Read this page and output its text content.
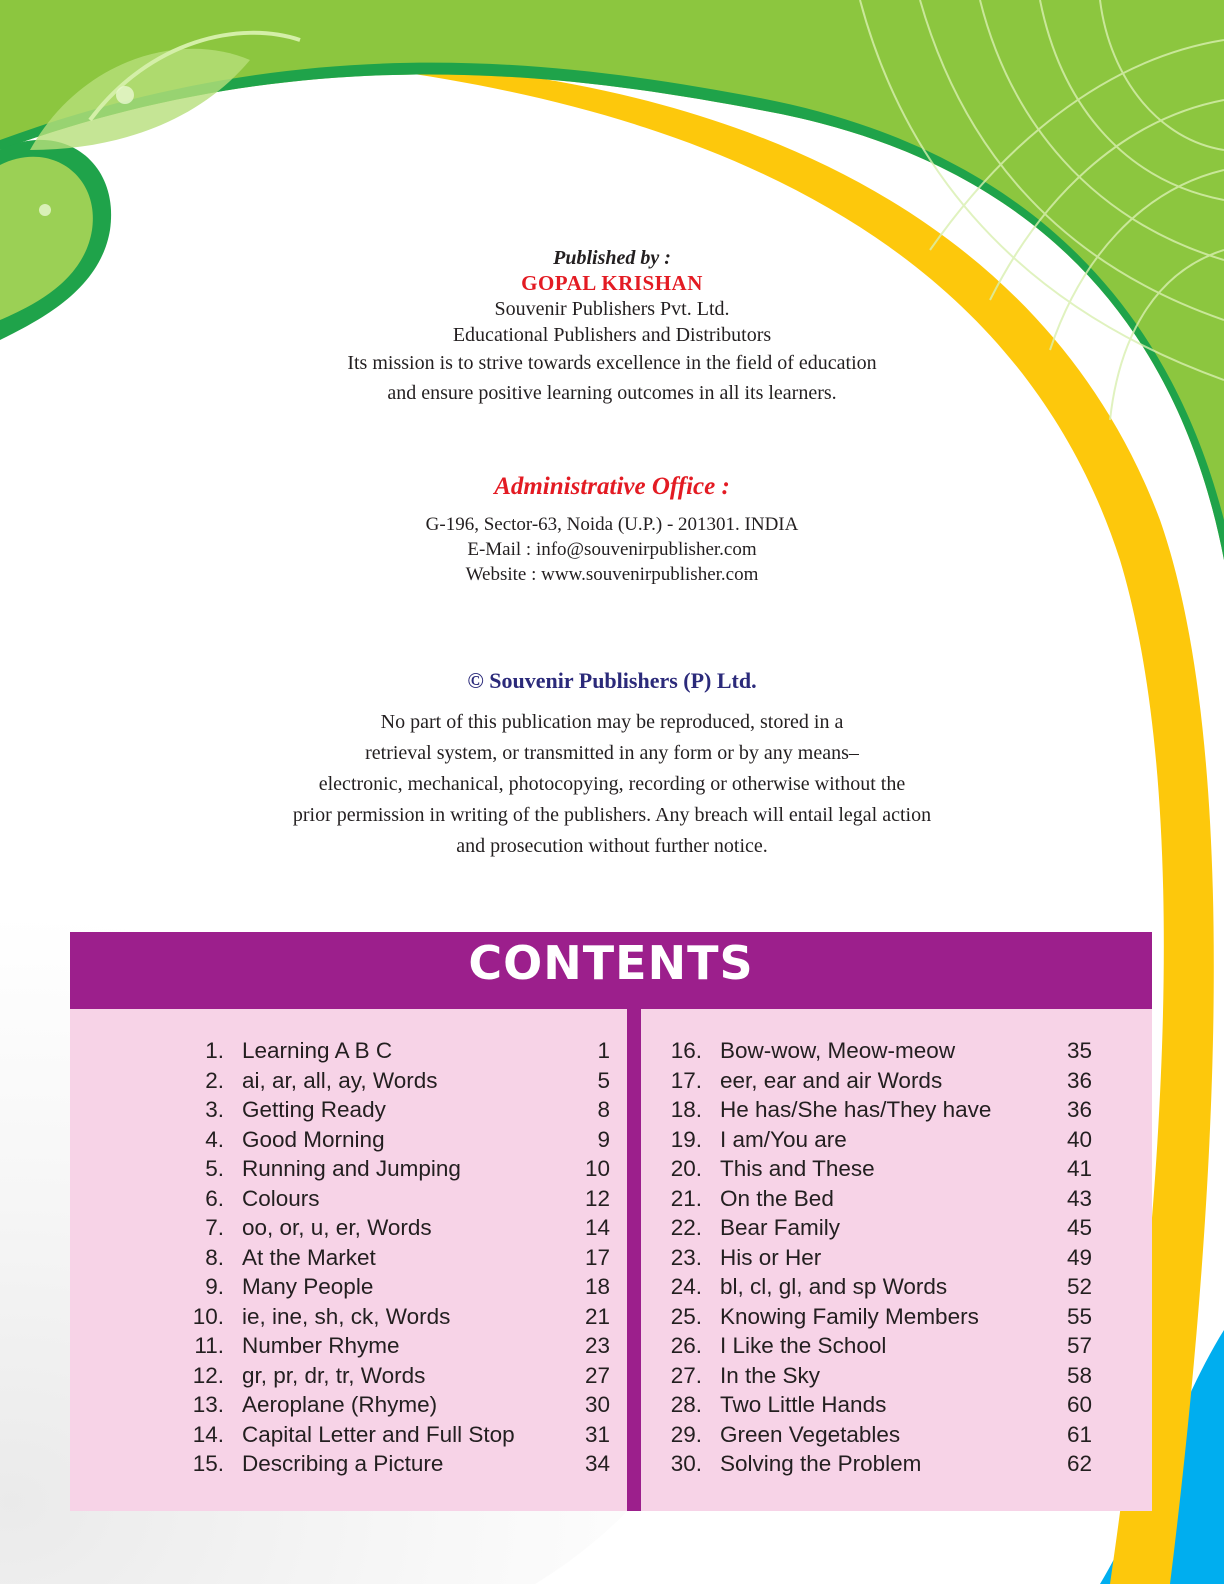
Published by :
GOPAL KRISHAN
Souvenir Publishers Pvt. Ltd.
Educational Publishers and Distributors
Its mission is to strive towards excellence in the field of education
and ensure positive learning outcomes in all its learners.
Administrative Office :
G-196, Sector-63, Noida (U.P.) - 201301. INDIA
E-Mail : info@souvenirpublisher.com
Website : www.souvenirpublisher.com
© Souvenir Publishers (P) Ltd.
No part of this publication may be reproduced, stored in a
retrieval system, or transmitted in any form or by any means–
electronic, mechanical, photocopying, recording or otherwise without the
prior permission in writing of the publishers. Any breach will entail legal action
and prosecution without further notice.
CONTENTS
1. Learning A B C	1
2. ai, ar, all, ay, Words	5
3. Getting Ready	8
4. Good Morning	9
5. Running and Jumping	10
6. Colours	12
7. oo, or, u, er, Words	14
8. At the Market	17
9. Many People	18
10. ie, ine, sh, ck, Words	21
11. Number Rhyme	23
12. gr, pr, dr, tr, Words	27
13. Aeroplane (Rhyme)	30
14. Capital Letter and Full Stop	31
15. Describing a Picture	34
16. Bow-wow, Meow-meow	35
17. eer, ear and air Words	36
18. He has/She has/They have	36
19. I am/You are	40
20. This and These	41
21. On the Bed	43
22. Bear Family	45
23. His or Her	49
24. bl, cl, gl, and sp Words	52
25. Knowing Family Members	55
26. I Like the School	57
27. In the Sky	58
28. Two Little Hands	60
29. Green Vegetables	61
30. Solving the Problem	62
